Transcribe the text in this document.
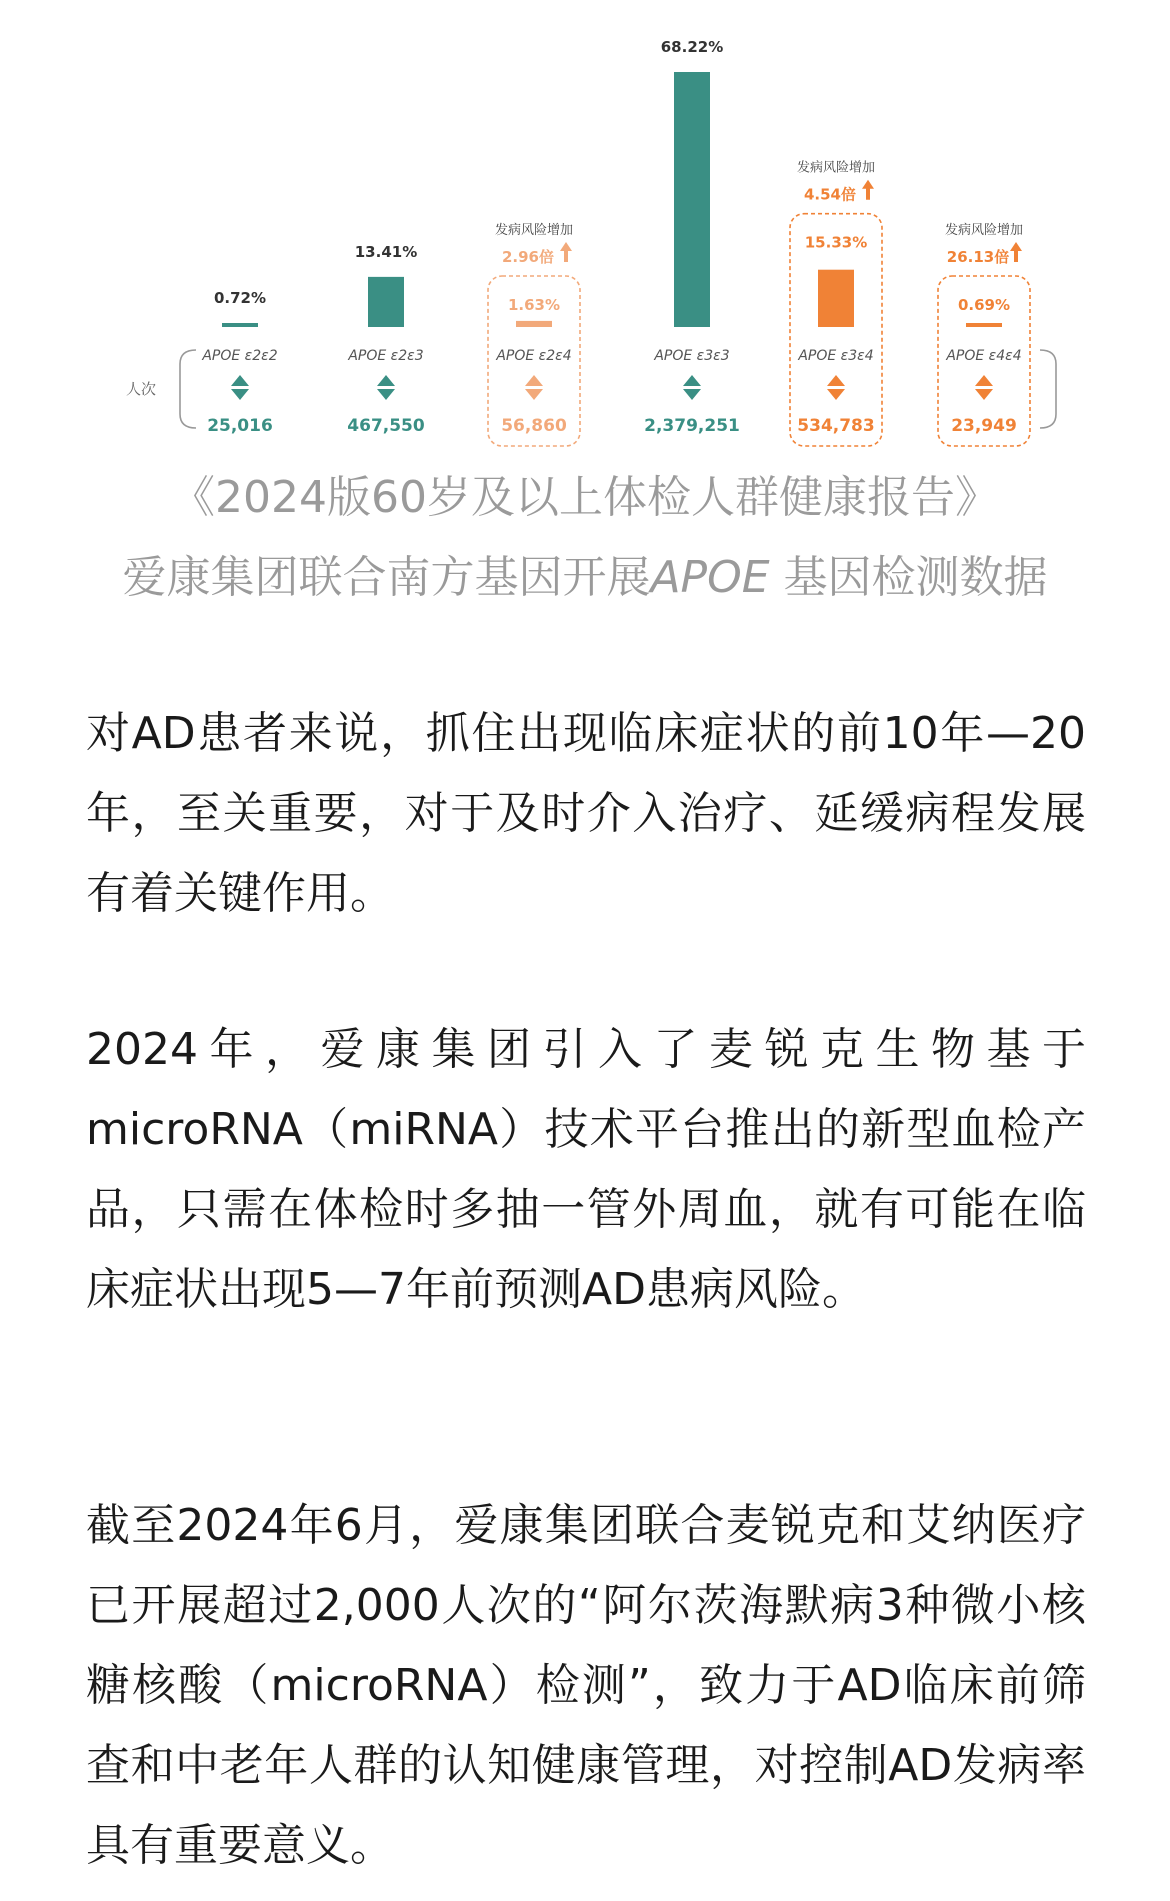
人次
0.72%
APOE ε2ε2
25,016
13.41%
APOE ε2ε3
467,550
1.63%
发病风险增加
2.96倍
APOE ε2ε4
56,860
68.22%
APOE ε3ε3
2,379,251
15.33%
发病风险增加
4.54倍
APOE ε3ε4
534,783
0.69%
发病风险增加
26.13倍
APOE ε4ε4
23,949

《2024版60岁及以上体检人群健康报告》

爱康集团联合南方基因开展APOE 基因检测数据

对AD患者来说，抓住出现临床症状的前10年—20年，至关重要，对于及时介入治疗、延缓病程发展有着关键作用。

2024年，爱康集团引入了麦锐克生物基于microRNA（miRNA）技术平台推出的新型血检产品，只需在体检时多抽一管外周血，就有可能在临床症状出现5—7年前预测AD患病风险。

截至2024年6月，爱康集团联合麦锐克和艾纳医疗已开展超过2,000人次的“阿尔茨海默病3种微小核糖核酸（microRNA）检测”，致力于AD临床前筛查和中老年人群的认知健康管理，对控制AD发病率具有重要意义。
